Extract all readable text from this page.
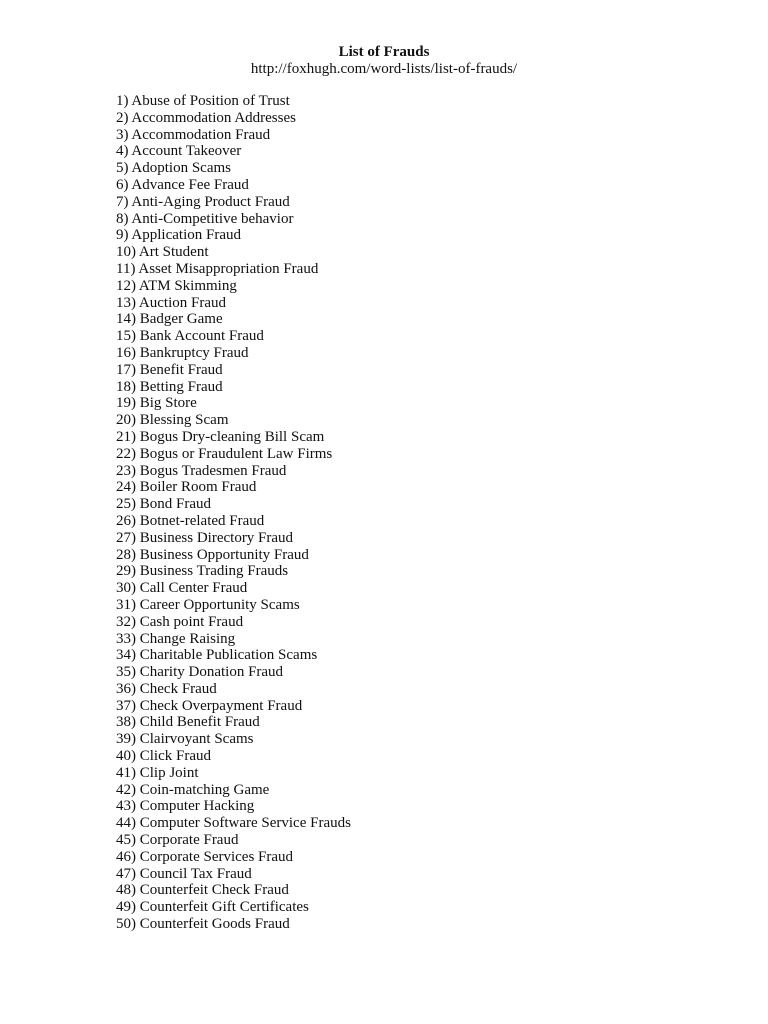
List of Frauds

http://foxhugh.com/word-lists/list-of-frauds/

1) Abuse of Position of Trust
2) Accommodation Addresses
3) Accommodation Fraud
4) Account Takeover
5) Adoption Scams
6) Advance Fee Fraud
7) Anti-Aging Product Fraud
8) Anti-Competitive behavior
9) Application Fraud
10) Art Student
11) Asset Misappropriation Fraud
12) ATM Skimming
13) Auction Fraud
14) Badger Game
15) Bank Account Fraud
16) Bankruptcy Fraud
17) Benefit Fraud
18) Betting Fraud
19) Big Store
20) Blessing Scam
21) Bogus Dry-cleaning Bill Scam
22) Bogus or Fraudulent Law Firms
23) Bogus Tradesmen Fraud
24) Boiler Room Fraud
25) Bond Fraud
26) Botnet-related Fraud
27) Business Directory Fraud
28) Business Opportunity Fraud
29) Business Trading Frauds
30) Call Center Fraud
31) Career Opportunity Scams
32) Cash point Fraud
33) Change Raising
34) Charitable Publication Scams
35) Charity Donation Fraud
36) Check Fraud
37) Check Overpayment Fraud
38) Child Benefit Fraud
39) Clairvoyant Scams
40) Click Fraud
41) Clip Joint
42) Coin-matching Game
43) Computer Hacking
44) Computer Software Service Frauds
45) Corporate Fraud
46) Corporate Services Fraud
47) Council Tax Fraud
48) Counterfeit Check Fraud
49) Counterfeit Gift Certificates
50) Counterfeit Goods Fraud
